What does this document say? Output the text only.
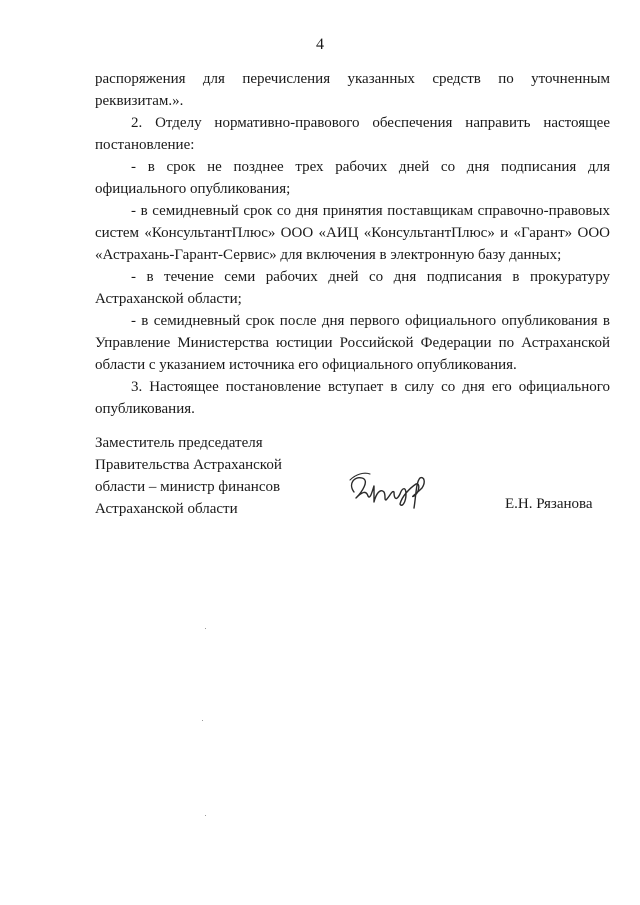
4

распоряжения для перечисления указанных средств по уточненным реквизитам.».

2. Отделу нормативно-правового обеспечения направить настоящее постановление:

- в срок не позднее трех рабочих дней со дня подписания для официального опубликования;

- в семидневный срок со дня принятия поставщикам справочно-правовых систем «КонсультантПлюс» ООО «АИЦ «КонсультантПлюс» и «Гарант» ООО «Астрахань-Гарант-Сервис» для включения в электронную базу данных;

- в течение семи рабочих дней со дня подписания в прокуратуру Астраханской области;

- в семидневный срок после дня первого официального опубликования в Управление Министерства юстиции Российской Федерации по Астраханской области с указанием источника его официального опубликования.

3. Настоящее постановление вступает в силу со дня его официального опубликования.

Заместитель председателя
Правительства Астраханской
области – министр финансов
Астраханской области	Е.Н. Рязанова
